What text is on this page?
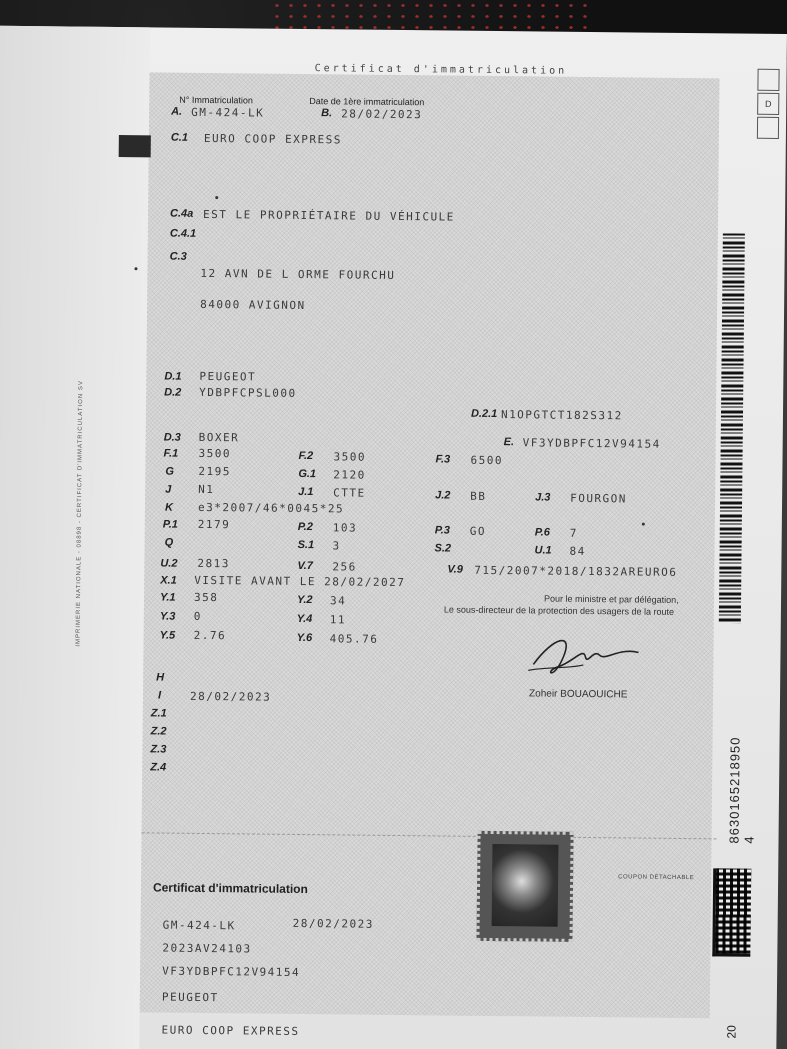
Certificat d'immatriculation
D
N° Immatriculation	Date de 1ère immatriculation
A. GM-424-LK	B. 28/02/2023
C.1 EURO COOP EXPRESS
C.4a EST LE PROPRIÉTAIRE DU VÉHICULE
C.4.1
C.3
12 AVN DE L ORME FOURCHU
84000 AVIGNON
D.1 PEUGEOT
D.2 YDBPFCPSL000
D.2.1 N1OPGTCT182S312
D.3 BOXER	E. VF3YDBPFC12V94154
F.1 3500	F.2 3500	F.3 6500
G 2195	G.1 2120
J N1	J.1 CTTE	J.2 BB	J.3 FOURGON
K e3*2007/46*0045*25
P.1 2179	P.2 103	P.3 GO	P.6 7
Q	S.1 3	S.2	U.1 84
U.2 2813	V.7 256	V.9 715/2007*2018/1832AREURO6
X.1 VISITE AVANT LE 28/02/2027
Y.1 358	Y.2 34
Y.3 0	Y.4 11
Y.5 2.76	Y.6 405.76
H
I	28/02/2023
Z.1
Z.2
Z.3
Z.4
Pour le ministre et par délégation,
Le sous-directeur de la protection des usagers de la route
Zoheir BOUAOUICHE
IMPRIMERIE NATIONALE - 08898 - CERTIFICAT D'IMMATRICULATION SV
8630165218950 4
20
COUPON DÉTACHABLE
Certificat d'immatriculation
GM-424-LK	28/02/2023
2023AV24103
VF3YDBPFC12V94154
PEUGEOT
EURO COOP EXPRESS
